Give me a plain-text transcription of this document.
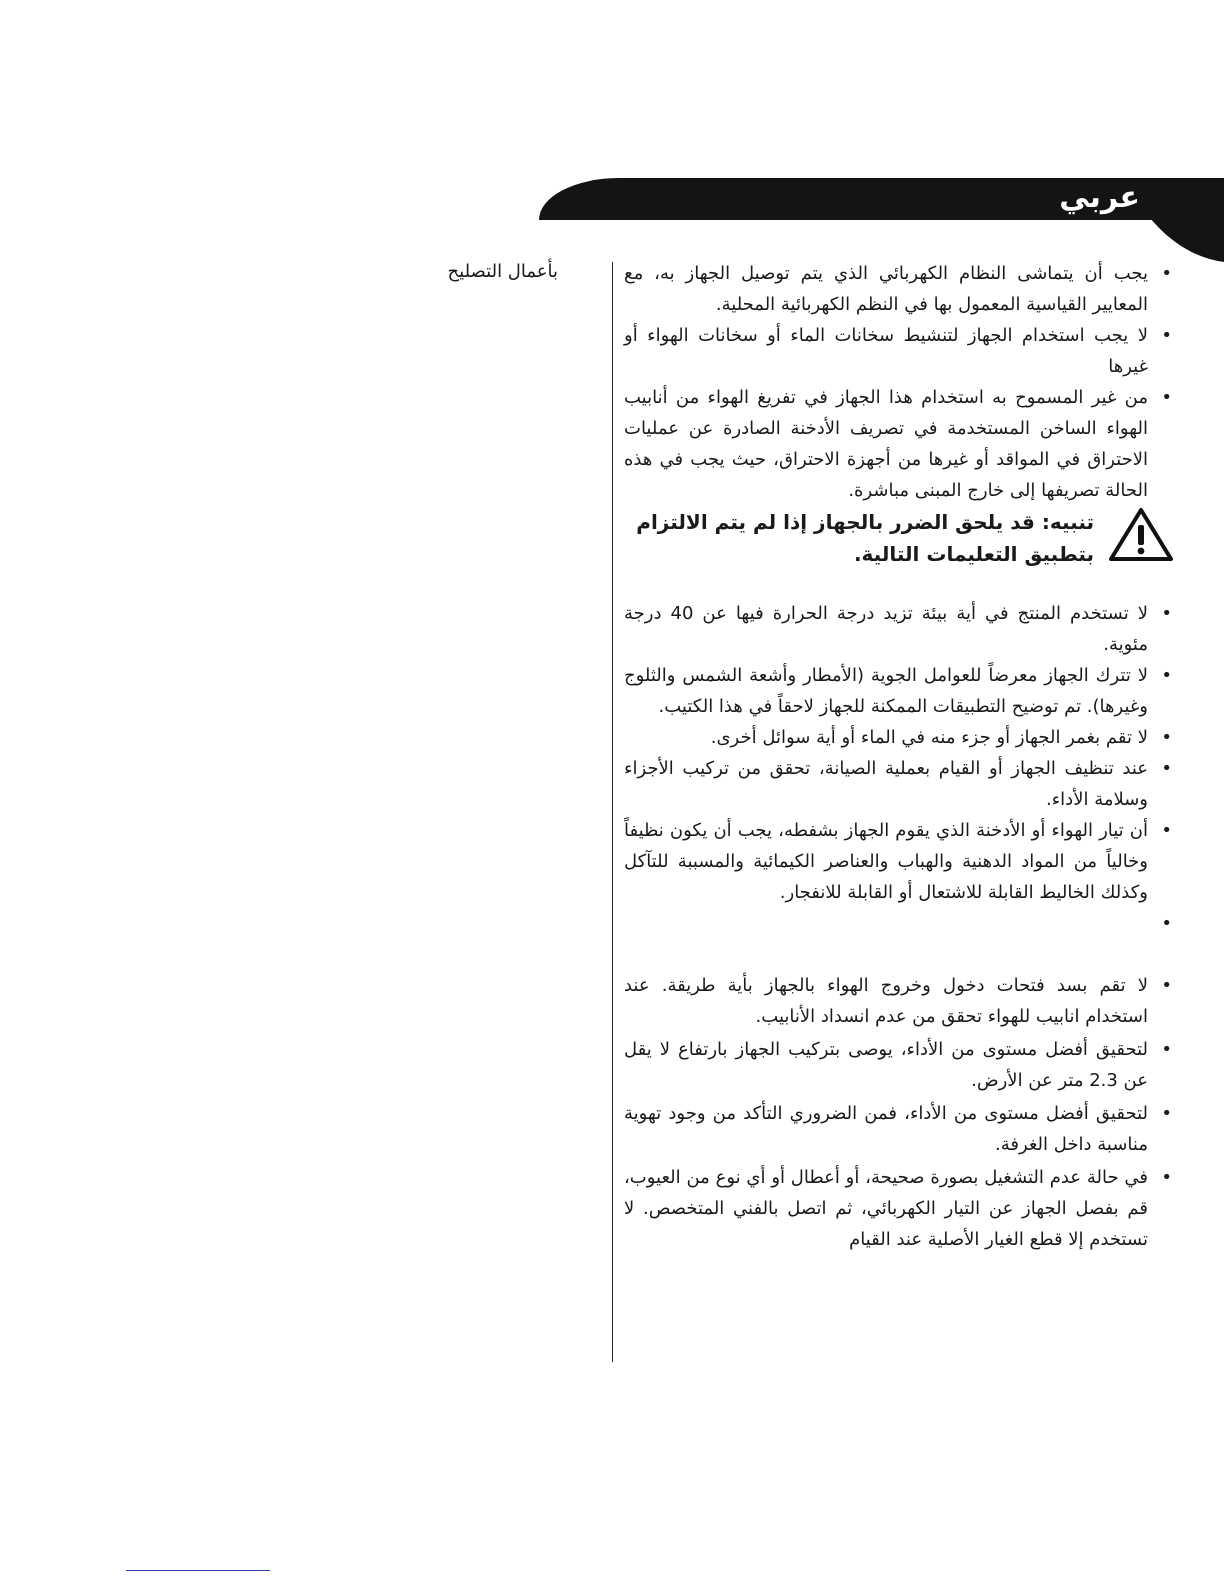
عربي
بأعمال التصليح
•	يجب أن يتماشى النظام الكهربائي الذي يتم توصيل الجهاز به، مع المعايير القياسية المعمول بها في النظم الكهربائية المحلية.
• لا يجب استخدام الجهاز لتنشيط سخانات الماء أو سخانات الهواء أو غيرها
• من غير المسموح به استخدام هذا الجهاز في تفريغ الهواء من أنابيب الهواء الساخن المستخدمة في تصريف الأدخنة الصادرة عن عمليات الاحتراق في المواقد أو غيرها من أجهزة الاحتراق، حيث يجب في هذه الحالة تصريفها إلى خارج المبنى مباشرة.
تنبيه: قد يلحق الضرر بالجهاز إذا لم يتم الالتزام بتطبيق التعليمات التالية.
• لا تستخدم المنتج في أية بيئة تزيد درجة الحرارة فيها عن 40 درجة مئوية.
• لا تترك الجهاز معرضاً للعوامل الجوية (الأمطار وأشعة الشمس والثلوج وغيرها). تم توضيح التطبيقات الممكنة للجهاز لاحقاً في هذا الكتيب.
• لا تقم بغمر الجهاز أو جزء منه في الماء أو أية سوائل أخرى.
• عند تنظيف الجهاز أو القيام بعملية الصيانة، تحقق من تركيب الأجزاء وسلامة الأداء.
• أن تيار الهواء أو الأدخنة الذي يقوم الجهاز بشفطه، يجب أن يكون نظيفاً وخالياً من المواد الدهنية والهباب والعناصر الكيمائية والمسببة للتآكل وكذلك الخاليط القابلة للاشتعال أو القابلة للانفجار.
•
• لا تقم بسد فتحات دخول وخروج الهواء بالجهاز بأية طريقة. عند استخدام انابيب للهواء تحقق من عدم انسداد الأنابيب.
• لتحقيق أفضل مستوى من الأداء، يوصى بتركيب الجهاز بارتفاع لا يقل عن 2.3 متر عن الأرض.
• لتحقيق أفضل مستوى من الأداء، فمن الضروري التأكد من وجود تهوية مناسبة داخل الغرفة.
• في حالة عدم التشغيل بصورة صحيحة، أو أعطال أو أي نوع من العيوب، قم بفصل الجهاز عن التيار الكهربائي، ثم اتصل بالفني المتخصص. لا تستخدم إلا قطع الغيار الأصلية عند القيام
